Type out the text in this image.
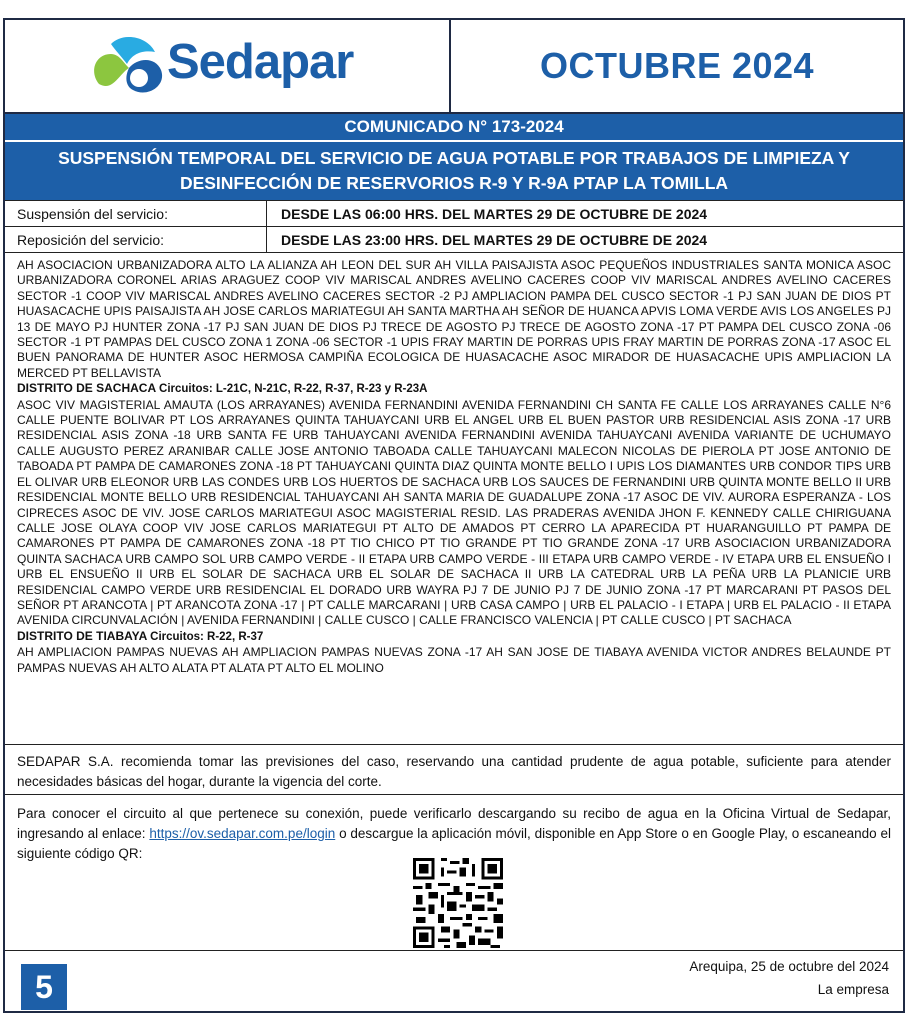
Sedapar	OCTUBRE 2024
COMUNICADO N° 173-2024
SUSPENSIÓN TEMPORAL DEL SERVICIO DE AGUA POTABLE POR TRABAJOS DE LIMPIEZA Y DESINFECCIÓN DE RESERVORIOS R-9 Y R-9A PTAP LA TOMILLA
Suspensión del servicio:	DESDE LAS 06:00 HRS. DEL MARTES 29 DE OCTUBRE DE 2024
Reposición del servicio:	DESDE LAS 23:00 HRS. DEL MARTES 29 DE OCTUBRE DE 2024

AH ASOCIACION URBANIZADORA ALTO LA ALIANZA AH LEON DEL SUR AH VILLA PAISAJISTA ASOC PEQUEÑOS INDUSTRIALES SANTA MONICA ASOC URBANIZADORA CORONEL ARIAS ARAGUEZ COOP VIV MARISCAL ANDRES AVELINO CACERES COOP VIV MARISCAL ANDRES AVELINO CACERES SECTOR -1 COOP VIV MARISCAL ANDRES AVELINO CACERES SECTOR -2 PJ AMPLIACION PAMPA DEL CUSCO SECTOR -1 PJ SAN JUAN DE DIOS PT HUASACACHE UPIS PAISAJISTA AH JOSE CARLOS MARIATEGUI AH SANTA MARTHA AH SEÑOR DE HUANCA APVIS LOMA VERDE AVIS LOS ANGELES PJ 13 DE MAYO PJ HUNTER ZONA -17 PJ SAN JUAN DE DIOS PJ TRECE DE AGOSTO PJ TRECE DE AGOSTO ZONA -17 PT PAMPA DEL CUSCO ZONA -06 SECTOR -1 PT PAMPAS DEL CUSCO ZONA 1 ZONA -06 SECTOR -1 UPIS FRAY MARTIN DE PORRAS UPIS FRAY MARTIN DE PORRAS ZONA -17 ASOC EL BUEN PANORAMA DE HUNTER ASOC HERMOSA CAMPIÑA ECOLOGICA DE HUASACACHE ASOC MIRADOR DE HUASACACHE UPIS AMPLIACION LA MERCED PT BELLAVISTA

DISTRITO DE SACHACA Circuitos: L-21C, N-21C, R-22, R-37, R-23 y R-23A

ASOC VIV MAGISTERIAL AMAUTA (LOS ARRAYANES) AVENIDA FERNANDINI AVENIDA FERNANDINI CH SANTA FE CALLE LOS ARRAYANES CALLE N°6 CALLE PUENTE BOLIVAR PT LOS ARRAYANES QUINTA TAHUAYCANI URB EL ANGEL URB EL BUEN PASTOR URB RESIDENCIAL ASIS ZONA -17 URB RESIDENCIAL ASIS ZONA -18 URB SANTA FE URB TAHUAYCANI AVENIDA FERNANDINI AVENIDA TAHUAYCANI AVENIDA VARIANTE DE UCHUMAYO CALLE AUGUSTO PEREZ ARANIBAR CALLE JOSE ANTONIO TABOADA CALLE TAHUAYCANI MALECON NICOLAS DE PIEROLA PT JOSE ANTONIO DE TABOADA PT PAMPA DE CAMARONES ZONA -18 PT TAHUAYCANI QUINTA DIAZ QUINTA MONTE BELLO I UPIS LOS DIAMANTES URB CONDOR TIPS URB EL OLIVAR URB ELEONOR URB LAS CONDES URB LOS HUERTOS DE SACHACA URB LOS SAUCES DE FERNANDINI URB QUINTA MONTE BELLO II URB RESIDENCIAL MONTE BELLO URB RESIDENCIAL TAHUAYCANI AH SANTA MARIA DE GUADALUPE ZONA -17 ASOC DE VIV. AURORA ESPERANZA - LOS CIPRECES ASOC DE VIV. JOSE CARLOS MARIATEGUI ASOC MAGISTERIAL RESID. LAS PRADERAS AVENIDA JHON F. KENNEDY CALLE CHIRIGUANA CALLE JOSE OLAYA COOP VIV JOSE CARLOS MARIATEGUI PT ALTO DE AMADOS PT CERRO LA APARECIDA PT HUARANGUILLO PT PAMPA DE CAMARONES PT PAMPA DE CAMARONES ZONA -18 PT TIO CHICO PT TIO GRANDE PT TIO GRANDE ZONA -17 URB ASOCIACION URBANIZADORA QUINTA SACHACA URB CAMPO SOL URB CAMPO VERDE - II ETAPA URB CAMPO VERDE - III ETAPA URB CAMPO VERDE - IV ETAPA URB EL ENSUEÑO I URB EL ENSUEÑO II URB EL SOLAR DE SACHACA URB EL SOLAR DE SACHACA II URB LA CATEDRAL URB LA PEÑA URB LA PLANICIE URB RESIDENCIAL CAMPO VERDE URB RESIDENCIAL EL DORADO URB WAYRA PJ 7 DE JUNIO PJ 7 DE JUNIO ZONA -17 PT MARCARANI PT PASOS DEL SEÑOR PT ARANCOTA | PT ARANCOTA ZONA -17 | PT CALLE MARCARANI | URB CASA CAMPO | URB EL PALACIO - I ETAPA | URB EL PALACIO - II ETAPA AVENIDA CIRCUNVALACIÓN | AVENIDA FERNANDINI | CALLE CUSCO | CALLE FRANCISCO VALENCIA | PT CALLE CUSCO | PT SACHACA

DISTRITO DE TIABAYA Circuitos: R-22, R-37

AH AMPLIACION PAMPAS NUEVAS AH AMPLIACION PAMPAS NUEVAS ZONA -17 AH SAN JOSE DE TIABAYA AVENIDA VICTOR ANDRES BELAUNDE PT PAMPAS NUEVAS AH ALTO ALATA PT ALATA PT ALTO EL MOLINO

SEDAPAR S.A. recomienda tomar las previsiones del caso, reservando una cantidad prudente de agua potable, suficiente para atender necesidades básicas del hogar, durante la vigencia del corte.
Para conocer el circuito al que pertenece su conexión, puede verificarlo descargando su recibo de agua en la Oficina Virtual de Sedapar, ingresando al enlace: https://ov.sedapar.com.pe/login o descargue la aplicación móvil, disponible en App Store o en Google Play, o escaneando el siguiente código QR:
5
Arequipa, 25 de octubre del 2024
La empresa
